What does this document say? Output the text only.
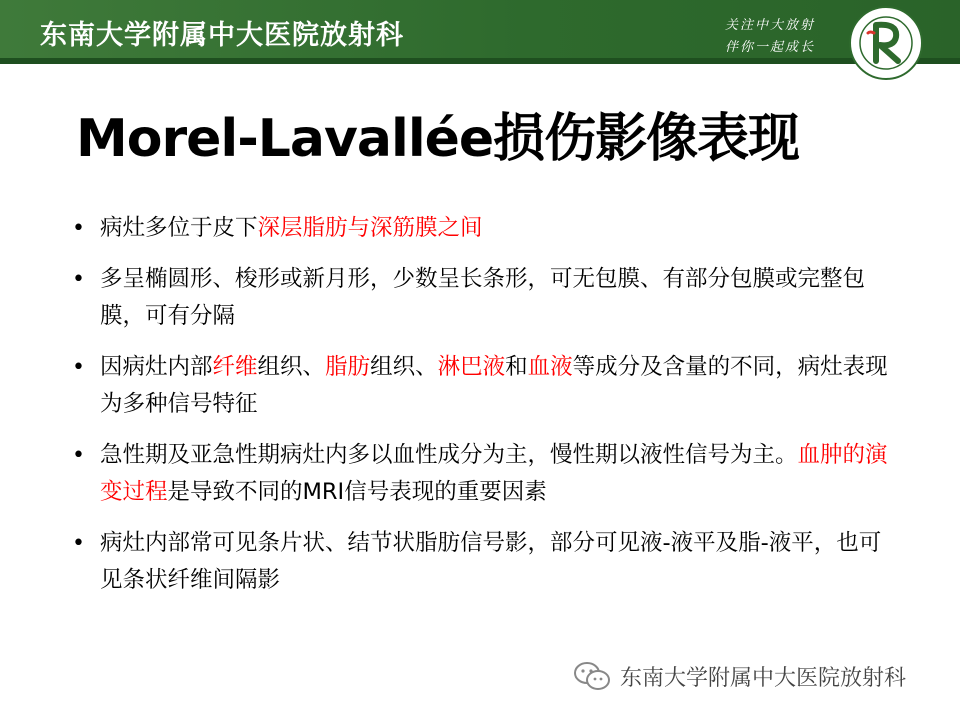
东南大学附属中大医院放射科	关注中大放射
伴你一起成长
Morel-Lavallée损伤影像表现
• 病灶多位于皮下深层脂肪与深筋膜之间
• 多呈椭圆形、梭形或新月形，少数呈长条形，可无包膜、有部分包膜或完整包膜，可有分隔
• 因病灶内部纤维组织、脂肪组织、淋巴液和血液等成分及含量的不同，病灶表现为多种信号特征
• 急性期及亚急性期病灶内多以血性成分为主，慢性期以液性信号为主。血肿的演变过程是导致不同的MRI信号表现的重要因素
• 病灶内部常可见条片状、结节状脂肪信号影，部分可见液-液平及脂-液平，也可见条状纤维间隔影
东南大学附属中大医院放射科
